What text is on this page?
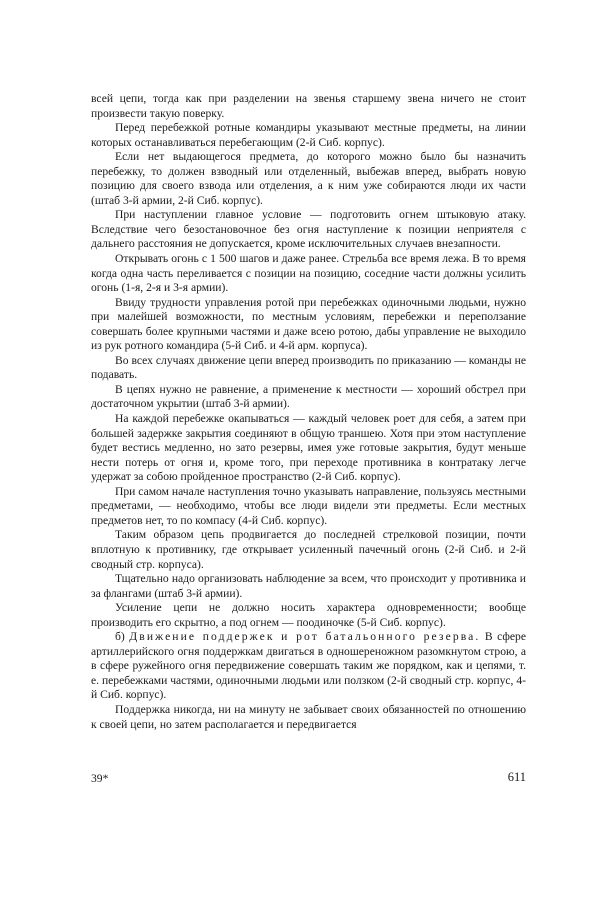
всей цепи, тогда как при разделении на звенья старшему звена ничего не стоит произвести такую поверку.

Перед перебежкой ротные командиры указывают местные предметы, на линии которых останавливаться перебегающим (2-й Сиб. корпус).

Если нет выдающегося предмета, до которого можно было бы назначить перебежку, то должен взводный или отделенный, выбежав вперед, выбрать новую позицию для своего взвода или отделения, а к ним уже собираются люди их части (штаб 3-й армии, 2-й Сиб. корпус).

При наступлении главное условие — подготовить огнем штыковую атаку. Вследствие чего безостановочное без огня наступление к позиции неприятеля с дальнего расстояния не допускается, кроме исключительных случаев внезапности.

Открывать огонь с 1 500 шагов и даже ранее. Стрельба все время лежа. В то время когда одна часть переливается с позиции на позицию, соседние части должны усилить огонь (1-я, 2-я и 3-я армии).

Ввиду трудности управления ротой при перебежках одиночными людьми, нужно при малейшей возможности, по местным условиям, перебежки и переползание совершать более крупными частями и даже всею ротою, дабы управление не выходило из рук ротного командира (5-й Сиб. и 4-й арм. корпуса).

Во всех случаях движение цепи вперед производить по приказанию — команды не подавать.

В цепях нужно не равнение, а применение к местности — хороший обстрел при достаточном укрытии (штаб 3-й армии).

На каждой перебежке окапываться — каждый человек роет для себя, а затем при большей задержке закрытия соединяют в общую траншею. Хотя при этом наступление будет вестись медленно, но зато резервы, имея уже готовые закрытия, будут меньше нести потерь от огня и, кроме того, при переходе противника в контратаку легче удержат за собою пройденное пространство (2-й Сиб. корпус).

При самом начале наступления точно указывать направление, пользуясь местными предметами, — необходимо, чтобы все люди видели эти предметы. Если местных предметов нет, то по компасу (4-й Сиб. корпус).

Таким образом цепь продвигается до последней стрелковой позиции, почти вплотную к противнику, где открывает усиленный пачечный огонь (2-й Сиб. и 2-й сводный стр. корпуса).

Тщательно надо организовать наблюдение за всем, что происходит у противника и за флангами (штаб 3-й армии).

Усиление цепи не должно носить характера одновременности; вообще производить его скрытно, а под огнем — поодиночке (5-й Сиб. корпус).

б) Движение поддержек и рот батальонного резерва. В сфере артиллерийского огня поддержкам двигаться в одношереножном разомкнутом строю, а в сфере ружейного огня передвижение совершать таким же порядком, как и цепями, т. е. перебежками частями, одиночными людьми или ползком (2-й сводный стр. корпус, 4-й Сиб. корпус).

Поддержка никогда, ни на минуту не забывает своих обязанностей по отношению к своей цепи, но затем располагается и передвигается

39*	611
